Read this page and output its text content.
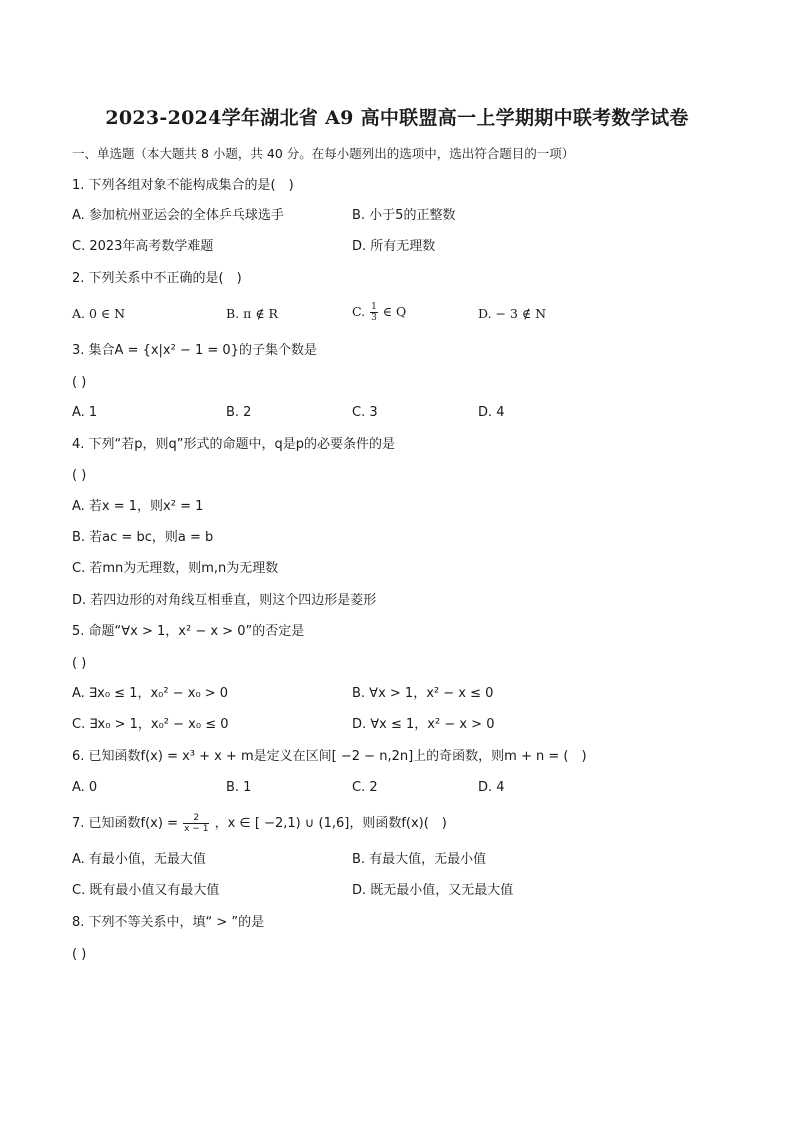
2023-2024学年湖北省 A9 高中联盟高一上学期期中联考数学试卷
一、单选题（本大题共 8 小题，共 40 分。在每小题列出的选项中，选出符合题目的一项）
1. 下列各组对象不能构成集合的是(　)
A. 参加杭州亚运会的全体乒乓球选手	B. 小于5的正整数
C. 2023年高考数学难题	D. 所有无理数
2. 下列关系中不正确的是(　)
A. 0 ∈ N	B. π ∉ R	C. $\frac{1}{3}$ ∈ Q	D. − 3 ∉ N
3. 集合A = {x|x² − 1 = 0}的子集个数是
( )
A. 1	B. 2	C. 3	D. 4
4. 下列“若p，则q”形式的命题中，q是p的必要条件的是
( )
A. 若x = 1，则x² = 1
B. 若ac = bc，则a = b
C. 若mn为无理数，则m,n为无理数
D. 若四边形的对角线互相垂直，则这个四边形是菱形
5. 命题“∀x > 1，x² − x > 0”的否定是
( )
A. ∃x₀ ≤ 1，x₀² − x₀ > 0	B. ∀x > 1，x² − x ≤ 0
C. ∃x₀ > 1，x₀² − x₀ ≤ 0	D. ∀x ≤ 1，x² − x > 0
6. 已知函数f(x) = x³ + x + m是定义在区间[ −2 − n,2n]上的奇函数，则m + n = (　)
A. 0	B. 1	C. 2	D. 4
7. 已知函数$f(x) = \frac{2}{x - 1}$ ，x ∈ [ −2,1) ∪ (1,6]，则函数f(x)(　)
A. 有最小值，无最大值	B. 有最大值，无最小值
C. 既有最小值又有最大值	D. 既无最小值，又无最大值
8. 下列不等关系中，填“ > ”的是
( )
